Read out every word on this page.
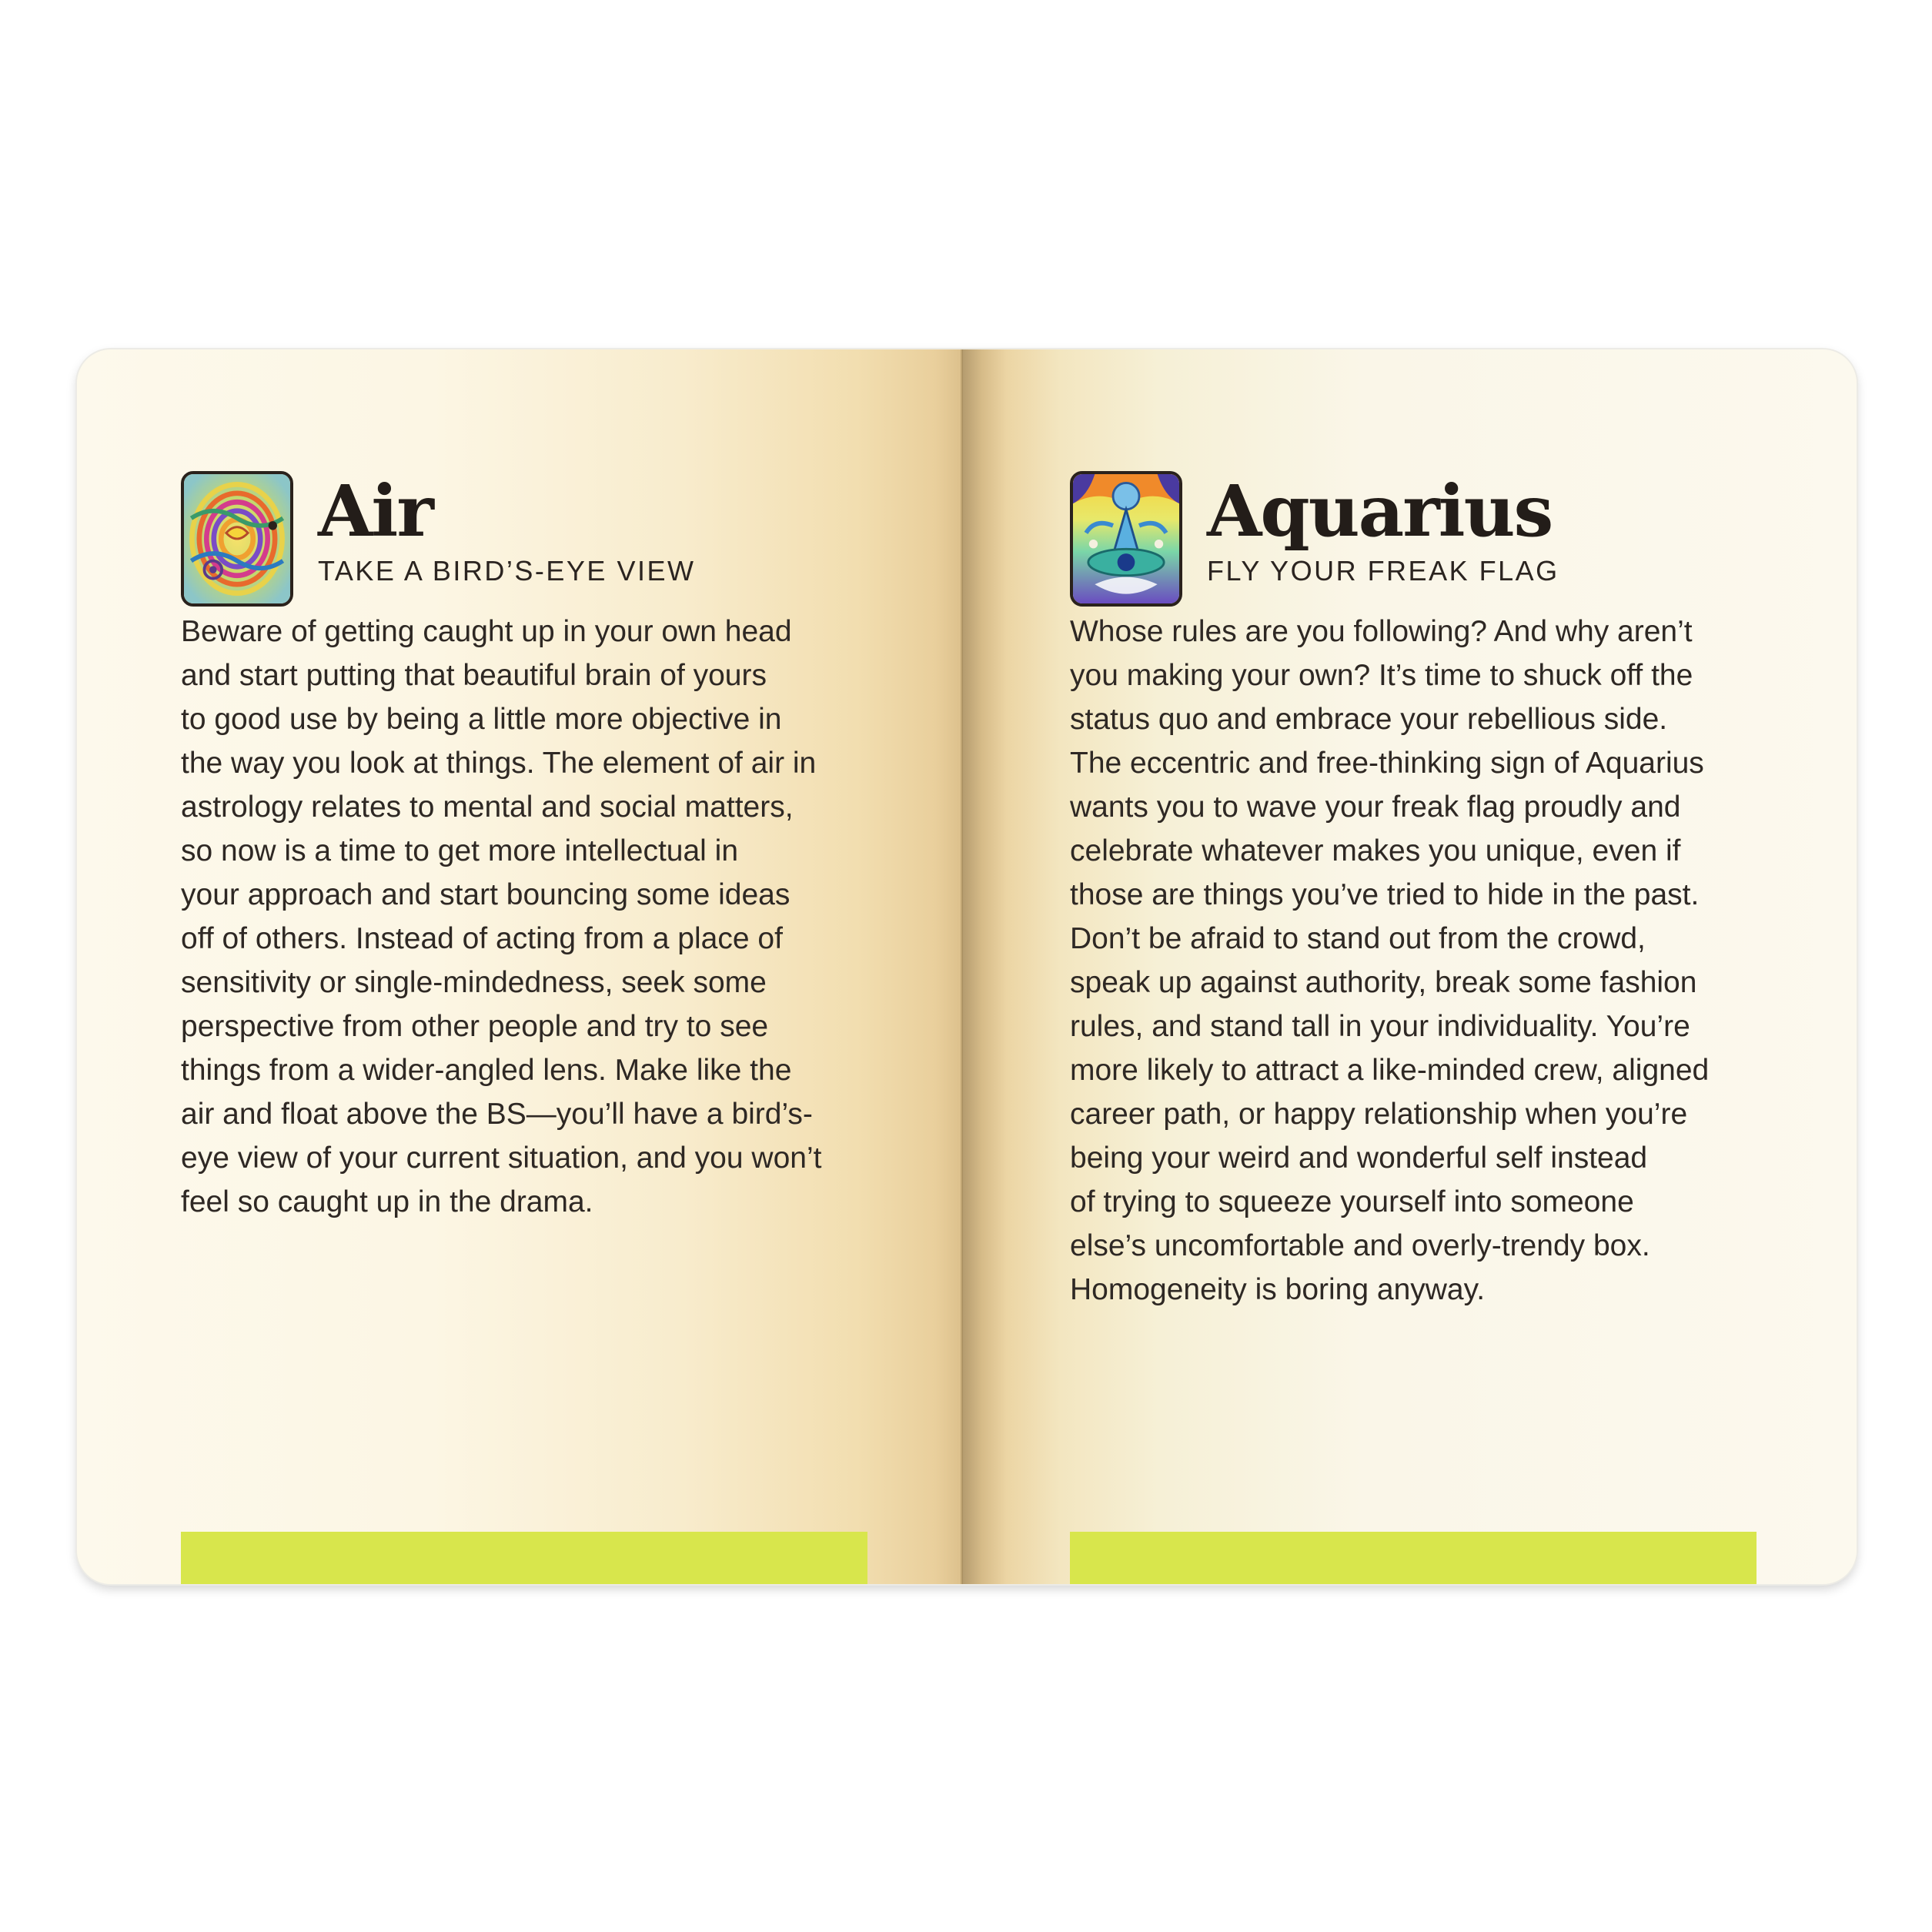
Air
TAKE A BIRD’S-EYE VIEW
Beware of getting caught up in your own head
and start putting that beautiful brain of yours
to good use by being a little more objective in
the way you look at things. The element of air in
astrology relates to mental and social matters,
so now is a time to get more intellectual in
your approach and start bouncing some ideas
off of others. Instead of acting from a place of
sensitivity or single-mindedness, seek some
perspective from other people and try to see
things from a wider-angled lens. Make like the
air and float above the BS—you’ll have a bird’s-
eye view of your current situation, and you won’t
feel so caught up in the drama.
Aquarius
FLY YOUR FREAK FLAG
Whose rules are you following? And why aren’t
you making your own? It’s time to shuck off the
status quo and embrace your rebellious side.
The eccentric and free-thinking sign of Aquarius
wants you to wave your freak flag proudly and
celebrate whatever makes you unique, even if
those are things you’ve tried to hide in the past.
Don’t be afraid to stand out from the crowd,
speak up against authority, break some fashion
rules, and stand tall in your individuality. You’re
more likely to attract a like-minded crew, aligned
career path, or happy relationship when you’re
being your weird and wonderful self instead
of trying to squeeze yourself into someone
else’s uncomfortable and overly-trendy box.
Homogeneity is boring anyway.
